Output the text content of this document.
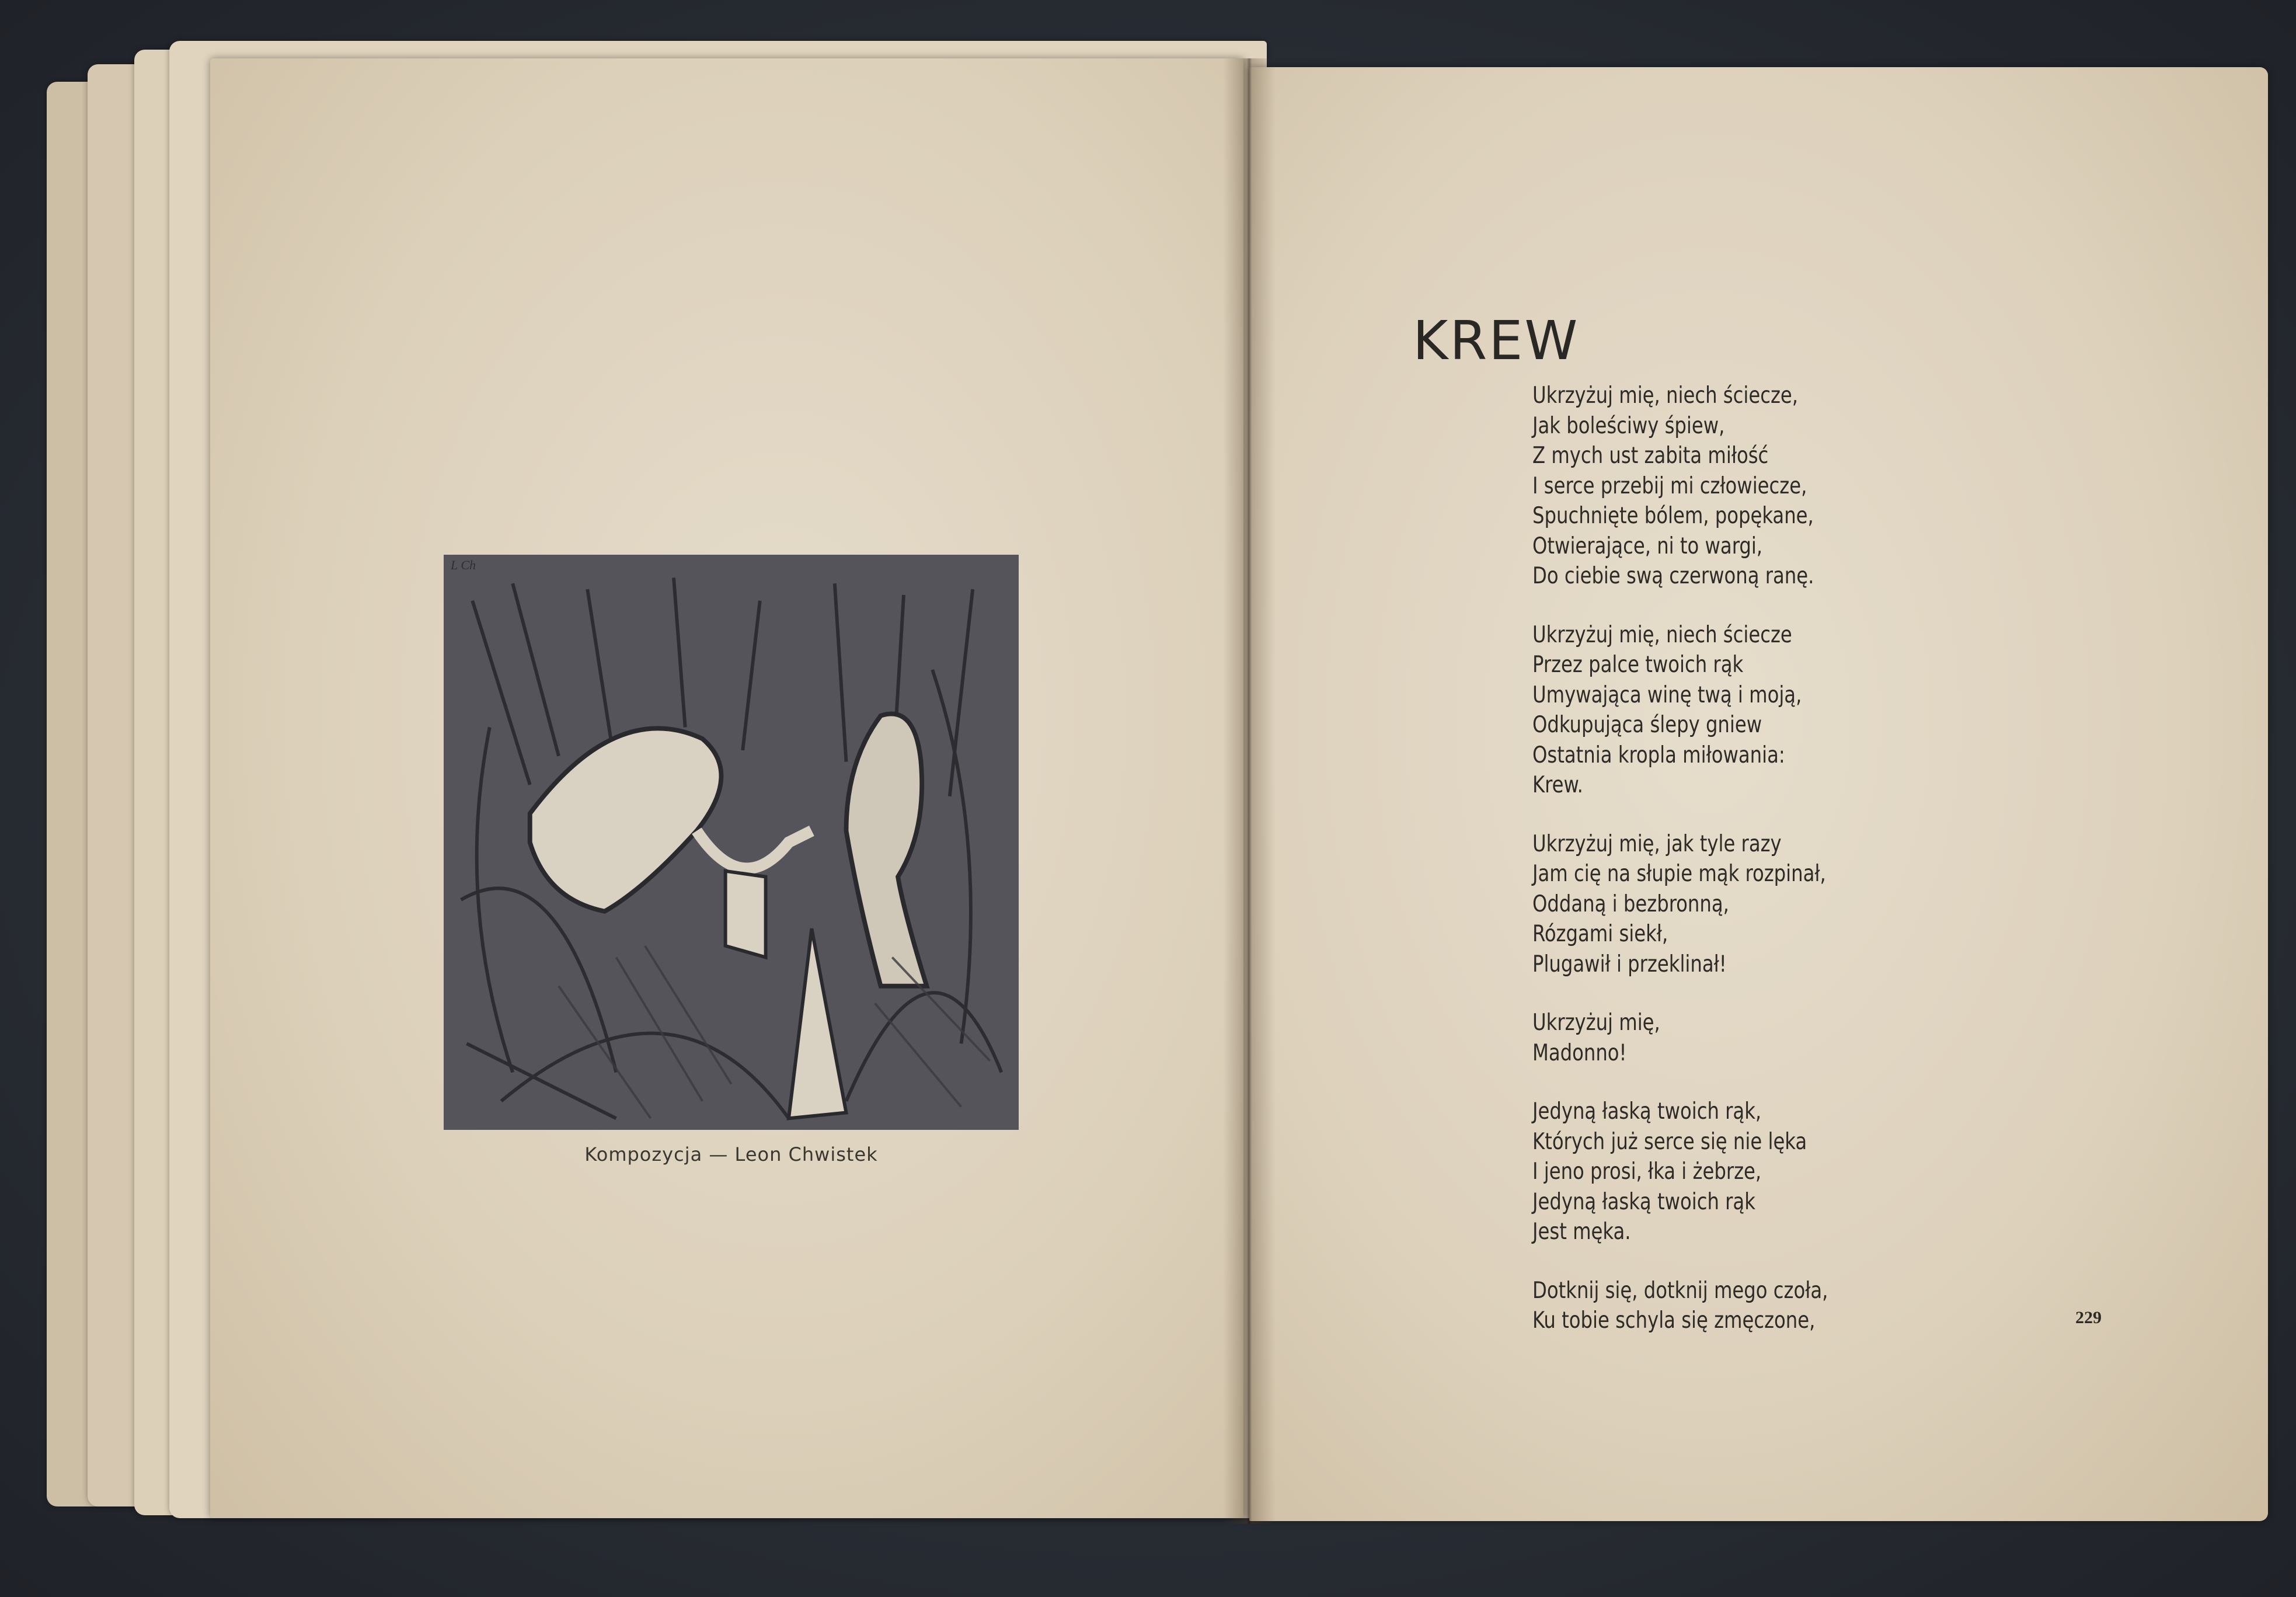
L Ch
Kompozycja — Leon Chwistek
KREW
Ukrzyżuj mię, niech ściecze,
Jak boleściwy śpiew,
Z mych ust zabita miłość
I serce przebij mi człowiecze,
Spuchnięte bólem, popękane,
Otwierające, ni to wargi,
Do ciebie swą czerwoną ranę.
Ukrzyżuj mię, niech ściecze
Przez palce twoich rąk
Umywająca winę twą i moją,
Odkupująca ślepy gniew
Ostatnia kropla miłowania:
Krew.
Ukrzyżuj mię, jak tyle razy
Jam cię na słupie mąk rozpinał,
Oddaną i bezbronną,
Rózgami siekł,
Plugawił i przeklinał!
Ukrzyżuj mię,
Madonno!
Jedyną łaską twoich rąk,
Których już serce się nie lęka
I jeno prosi, łka i żebrze,
Jedyną łaską twoich rąk
Jest męka.
Dotknij się, dotknij mego czoła,
Ku tobie schyla się zmęczone,	229
